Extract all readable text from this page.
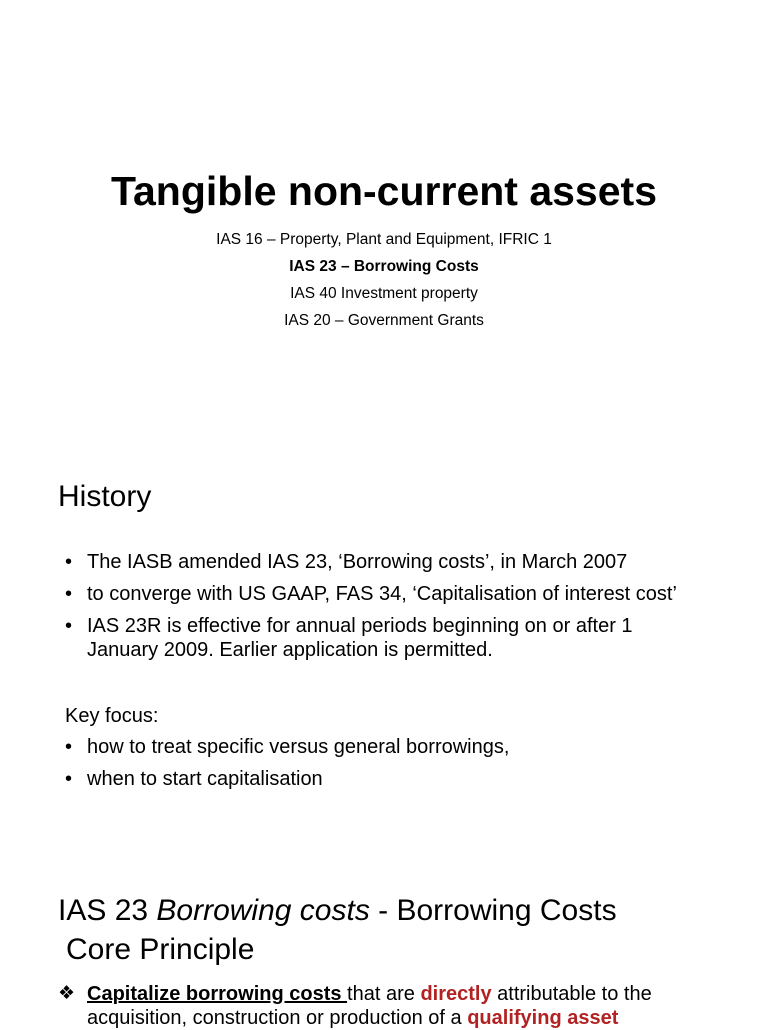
Tangible non-current assets
IAS 16 – Property, Plant and Equipment, IFRIC 1
IAS 23 – Borrowing Costs
IAS 40 Investment property
IAS 20 – Government Grants
History
• The IASB amended IAS 23, ‘Borrowing costs’, in March 2007
• to converge with US GAAP, FAS 34, ‘Capitalisation of interest cost’
• IAS 23R is effective for annual periods beginning on or after 1 January 2009. Earlier application is permitted.
Key focus:
• how to treat specific versus general borrowings,
• when to start capitalisation
IAS 23 Borrowing costs - Borrowing Costs
Core Principle
❖ Capitalize borrowing costs that are directly attributable to the acquisition, construction or production of a qualifying asset
